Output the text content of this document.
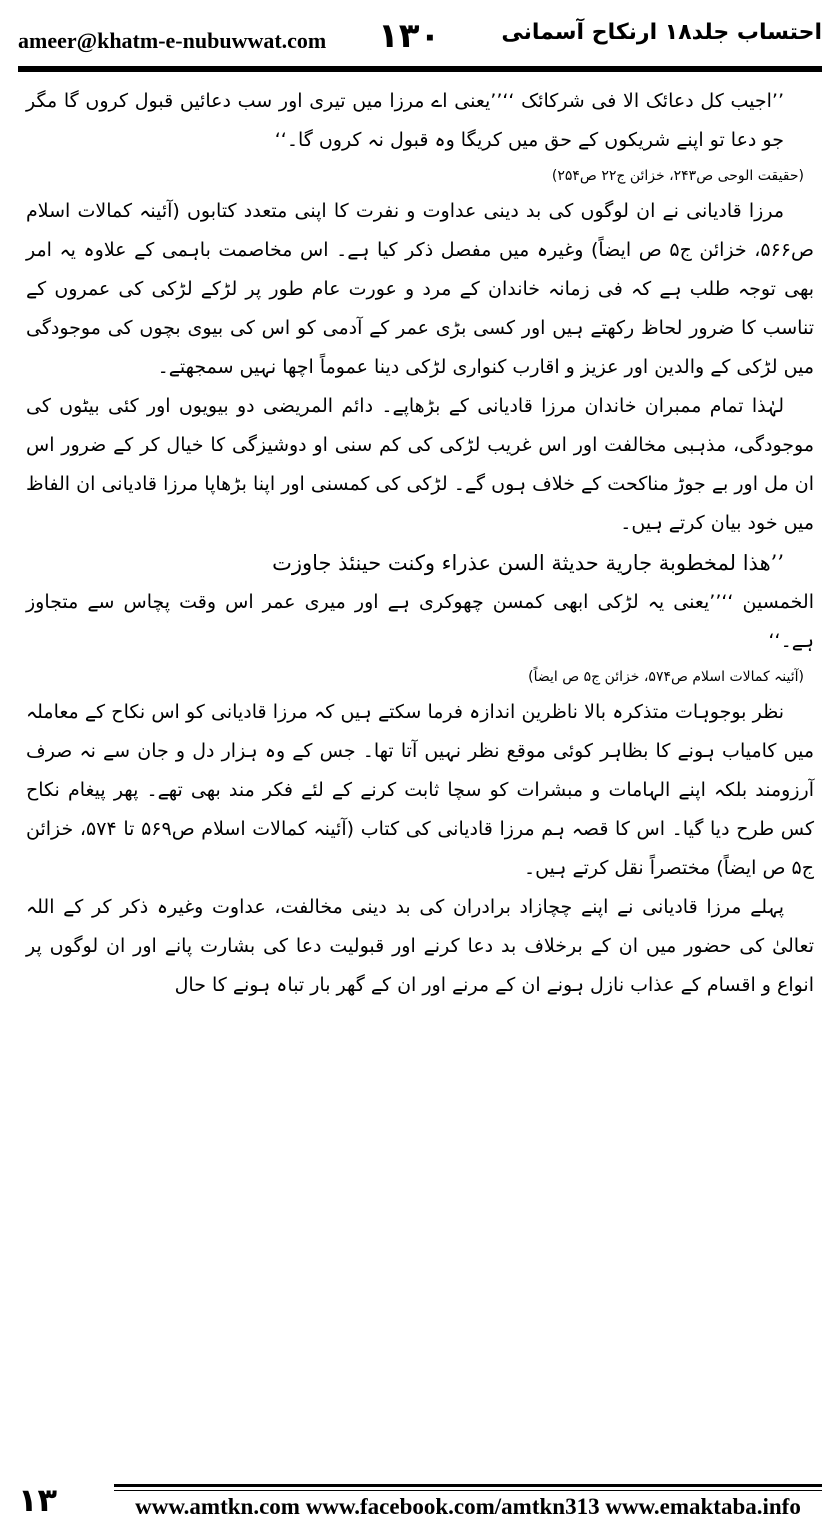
ameer@khatm-e-nubuwwat.com ۱۳۰	احتساب جلد۱۸ ارنکاح آسمانی

’’اجیب کل دعائک الا فی شرکائک ‘‘’’یعنی اے مرزا میں تیری اور سب دعائیں قبول کروں گا مگر جو دعا تو اپنے شریکوں کے حق میں کریگا وہ قبول نہ کروں گا۔‘‘

(حقیقت الوحی ص۲۴۳، خزائن ج۲۲ ص۲۵۴)

مرزا قادیانی نے ان لوگوں کی بد دینی عداوت و نفرت کا اپنی متعدد کتابوں (آئینہ کمالات اسلام ص۵۶۶، خزائن ج۵ ص ایضاً) وغیرہ میں مفصل ذکر کیا ہے۔ اس مخاصمت باہمی کے علاوہ یہ امر بھی توجہ طلب ہے کہ فی زمانہ خاندان کے مرد و عورت عام طور پر لڑکے لڑکی کی عمروں کے تناسب کا ضرور لحاظ رکھتے ہیں اور کسی بڑی عمر کے آدمی کو اس کی بیوی بچوں کی موجودگی میں لڑکی کے والدین اور عزیز و اقارب کنواری لڑکی دینا عموماً اچھا نہیں سمجھتے۔

لہٰذا تمام ممبران خاندان مرزا قادیانی کے بڑھاپے۔ دائم المریضی دو بیویوں اور کئی بیٹوں کی موجودگی، مذہبی مخالفت اور اس غریب لڑکی کی کم سنی او دوشیزگی کا خیال کر کے ضرور اس ان مل اور بے جوڑ مناکحت کے خلاف ہوں گے۔ لڑکی کی کمسنی اور اپنا بڑھاپا مرزا قادیانی ان الفاظ میں خود بیان کرتے ہیں۔

’’هذا لمخطوبة جارية حديثة السن عذراء وكنت حينئذ جاوزت

الخمسین ‘‘’’یعنی یہ لڑکی ابھی کمسن چھوکری ہے اور میری عمر اس وقت پچاس سے متجاوز ہے۔‘‘

(آئینہ کمالات اسلام ص۵۷۴، خزائن ج۵ ص ایضاً)

نظر بوجوہات متذکرہ بالا ناظرین اندازہ فرما سکتے ہیں کہ مرزا قادیانی کو اس نکاح کے معاملہ میں کامیاب ہونے کا بظاہر کوئی موقع نظر نہیں آتا تھا۔ جس کے وہ ہزار دل و جان سے نہ صرف آرزومند بلکہ اپنے الہامات و مبشرات کو سچا ثابت کرنے کے لئے فکر مند بھی تھے۔ پھر پیغام نکاح کس طرح دیا گیا۔ اس کا قصہ ہم مرزا قادیانی کی کتاب (آئینہ کمالات اسلام ص۵۶۹ تا ۵۷۴، خزائن ج۵ ص ایضاً) مختصراً نقل کرتے ہیں۔

پہلے مرزا قادیانی نے اپنے چچازاد برادران کی بد دینی مخالفت، عداوت وغیرہ ذکر کر کے اللہ تعالیٰ کی حضور میں ان کے برخلاف بد دعا کرنے اور قبولیت دعا کی بشارت پانے اور ان لوگوں پر انواع و اقسام کے عذاب نازل ہونے ان کے مرنے اور ان کے گھر بار تباہ ہونے کا حال

۱۳	www.amtkn.com www.facebook.com/amtkn313 www.emaktaba.info
